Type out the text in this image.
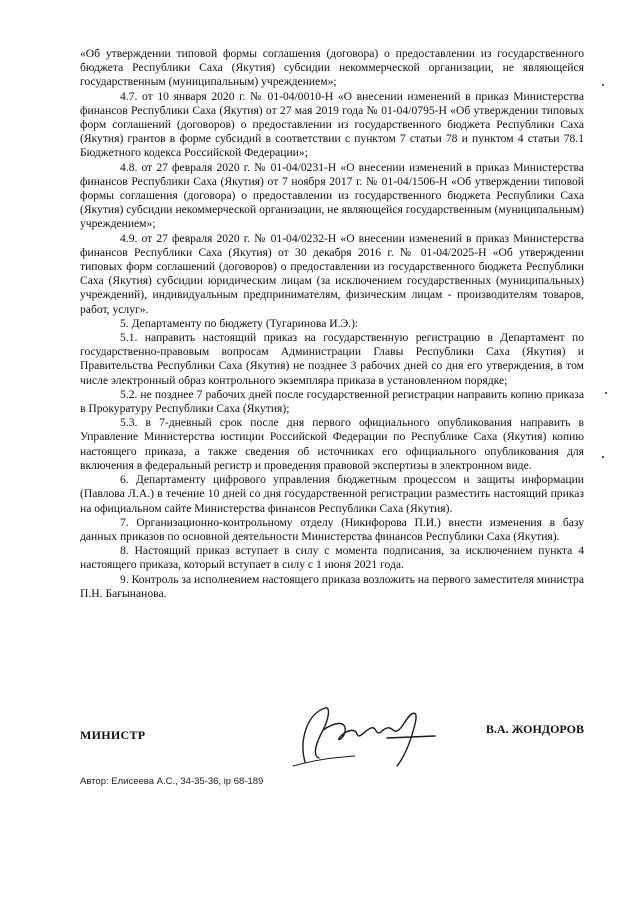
«Об утверждении типовой формы соглашения (договора) о предоставлении из государственного бюджета Республики Саха (Якутия) субсидии некоммерческой организации, не являющейся государственным (муниципальным) учреждением»;

4.7. от 10 января 2020 г. № 01-04/0010-Н «О внесении изменений в приказ Министерства финансов Республики Саха (Якутия) от 27 мая 2019 года № 01-04/0795-Н «Об утверждении типовых форм соглашений (договоров) о предоставлении из государственного бюджета Республики Саха (Якутия) грантов в форме субсидий в соответствии с пунктом 7 статьи 78 и пунктом 4 статьи 78.1 Бюджетного кодекса Российской Федерации»;

4.8. от 27 февраля 2020 г. № 01-04/0231-Н «О внесении изменений в приказ Министерства финансов Республики Саха (Якутия) от 7 ноября 2017 г. № 01-04/1506-Н «Об утверждении типовой формы соглашения (договора) о предоставлении из государственного бюджета Республики Саха (Якутия) субсидии некоммерческой организации, не являющейся государственным (муниципальным) учреждением»;

4.9. от 27 февраля 2020 г. № 01-04/0232-Н «О внесении изменений в приказ Министерства финансов Республики Саха (Якутия) от 30 декабря 2016 г. № 01-04/2025-Н «Об утверждении типовых форм соглашений (договоров) о предоставлении из государственного бюджета Республики Саха (Якутия) субсидии юридическим лицам (за исключением государственных (муниципальных) учреждений), индивидуальным предпринимателям, физическим лицам - производителям товаров, работ, услуг».

5. Департаменту по бюджету (Тугаринова И.Э.):

5.1. направить настоящий приказ на государственную регистрацию в Департамент по государственно-правовым вопросам Администрации Главы Республики Саха (Якутия) и Правительства Республики Саха (Якутия) не позднее 3 рабочих дней со дня его утверждения, в том числе электронный образ контрольного экземпляра приказа в установленном порядке;

5.2. не позднее 7 рабочих дней после государственной регистрации направить копию приказа в Прокуратуру Республики Саха (Якутия);

5.3. в 7-дневный срок после дня первого официального опубликования направить в Управление Министерства юстиции Российской Федерации по Республике Саха (Якутия) копию настоящего приказа, а также сведения об источниках его официального опубликования для включения в федеральный регистр и проведения правовой экспертизы в электронном виде.

6. Департаменту цифрового управления бюджетным процессом и защиты информации (Павлова Л.А.) в течение 10 дней со дня государственной регистрации разместить настоящий приказ на официальном сайте Министерства финансов Республики Саха (Якутия).

7. Организационно-контрольному отделу (Никифорова П.И.) внести изменения в базу данных приказов по основной деятельности Министерства финансов Республики Саха (Якутия).

8. Настоящий приказ вступает в силу с момента подписания, за исключением пункта 4 настоящего приказа, который вступает в силу с 1 июня 2021 года.

9. Контроль за исполнением настоящего приказа возложить на первого заместителя министра П.Н. Бағынанова.

МИНИСТР	В.А. ЖОНДОРОВ
Автор: Елисеева А.С., 34-35-36, ip 68-189
